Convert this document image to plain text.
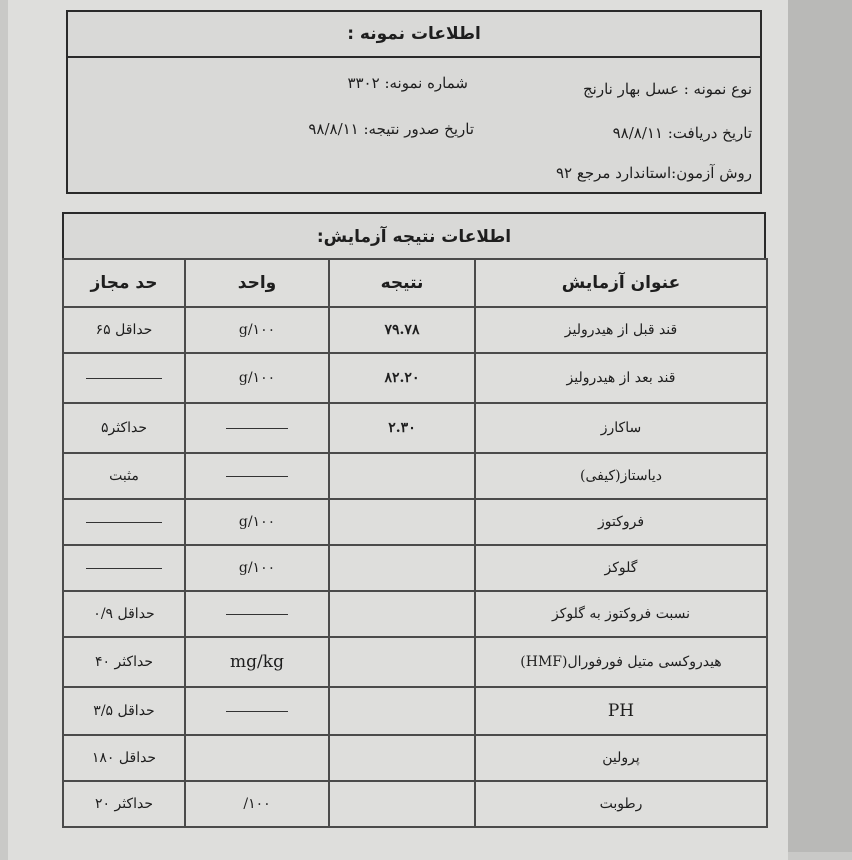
اطلاعات نمونه :
نوع نمونه : عسل بهار نارنج
شماره نمونه: ۳۳۰۲
تاریخ دریافت: ۹۸/۸/۱۱
تاریخ صدور نتیجه: ۹۸/۸/۱۱
روش آزمون:استاندارد مرجع ۹۲
اطلاعات نتیجه آزمایش:
عنوان آزمایش	نتیجه	واحد	حد مجاز
قند قبل از هیدرولیز	۷۹.۷۸	g/۱۰۰	حداقل ۶۵
قند بعد از هیدرولیز	۸۲.۲۰	g/۱۰۰	
ساکارز	۲.۳۰		حداکثر۵
دیاستاز(کیفی)			مثبت
فروکتوز		g/۱۰۰	
گلوکز		g/۱۰۰	
نسبت فروکتوز به گلوکز			حداقل ۰/۹
هیدروکسی متیل فورفورال(HMF)		mg/kg	حداکثر ۴۰
PH			حداقل ۳/۵
پرولین			حداقل ۱۸۰
رطوبت		/۱۰۰	حداکثر ۲۰
